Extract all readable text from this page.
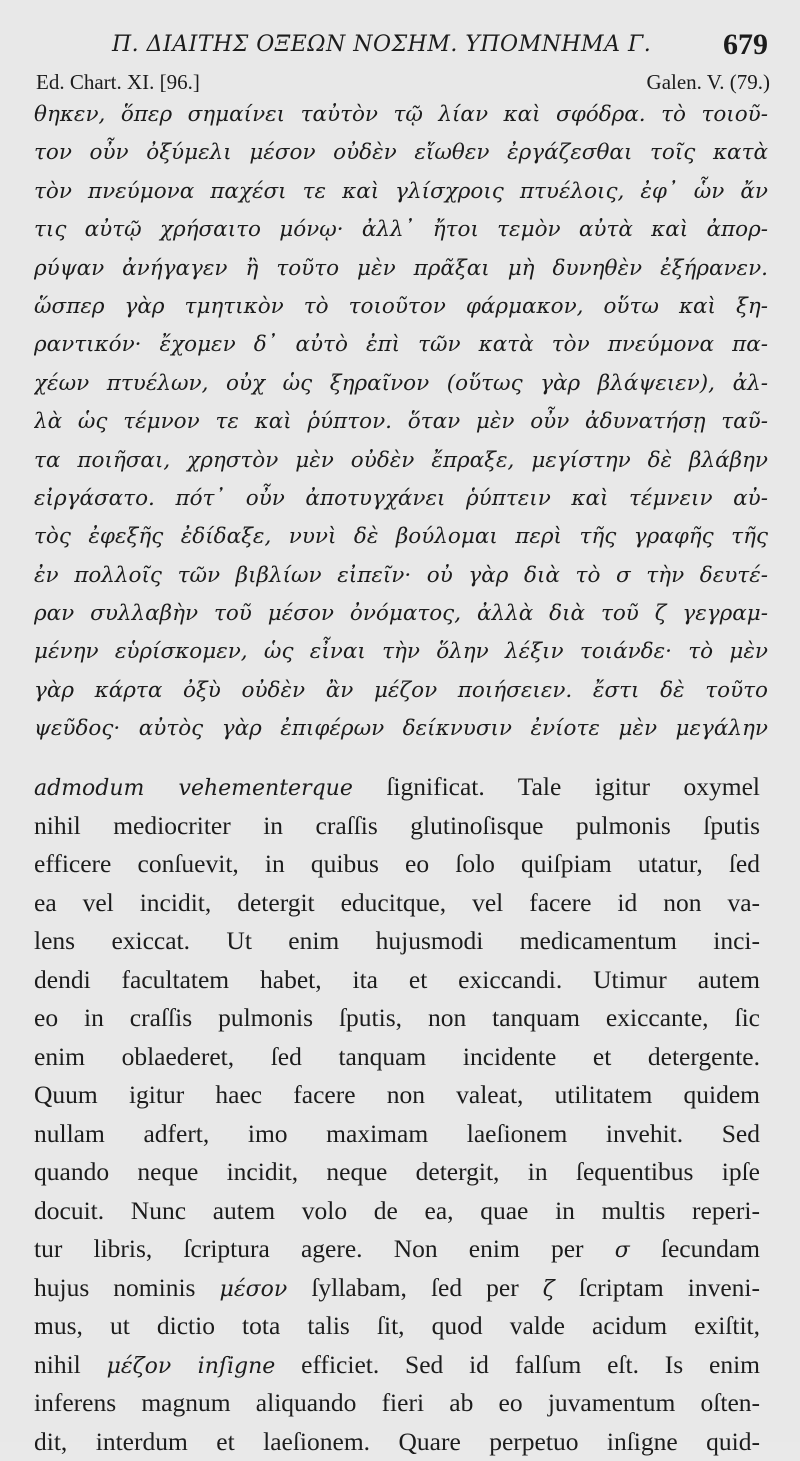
Π. ΔΙΑΙΤΗΣ ΟΞΕΩΝ ΝΟΣΗΜ. ΥΠΟΜΝΗΜΑ Γ. 679
Ed. Chart. XI. [96.]	Galen. V. (79.)
θηκεν, ὅπερ σημαίνει ταὐτὸν τῷ λίαν καὶ σφόδρα. τὸ τοιοῦ-
τον οὖν ὀξύμελι μέσον οὐδὲν εἴωθεν ἐργάζεσθαι τοῖς κατὰ
τὸν πνεύμονα παχέσι τε καὶ γλίσχροις πτυέλοις, ἐφ᾽ ὧν ἄν
τις αὐτῷ χρήσαιτο μόνῳ· ἀλλ᾽ ἤτοι τεμὸν αὐτὰ καὶ ἀπορ-
ρύψαν ἀνήγαγεν ἢ τοῦτο μὲν πρᾶξαι μὴ δυνηθὲν ἐξήρανεν.
ὥσπερ γὰρ τμητικὸν τὸ τοιοῦτον φάρμακον, οὕτω καὶ ξη-
ραντικόν· ἔχομεν δ᾽ αὐτὸ ἐπὶ τῶν κατὰ τὸν πνεύμονα πα-
χέων πτυέλων, οὐχ ὡς ξηραῖνον (οὕτως γὰρ βλάψειεν), ἀλ-
λὰ ὡς τέμνον τε καὶ ῥύπτον. ὅταν μὲν οὖν ἀδυνατήσῃ ταῦ-
τα ποιῆσαι, χρηστὸν μὲν οὐδὲν ἔπραξε, μεγίστην δὲ βλάβην
εἰργάσατο. πότ᾽ οὖν ἀποτυγχάνει ῥύπτειν καὶ τέμνειν αὐ-
τὸς ἐφεξῆς ἐδίδαξε, νυνὶ δὲ βούλομαι περὶ τῆς γραφῆς τῆς
ἐν πολλοῖς τῶν βιβλίων εἰπεῖν· οὐ γὰρ διὰ τὸ σ τὴν δευτέ-
ραν συλλαβὴν τοῦ μέσον ὀνόματος, ἀλλὰ διὰ τοῦ ζ γεγραμ-
μένην εὑρίσκομεν, ὡς εἶναι τὴν ὅλην λέξιν τοιάνδε· τὸ μὲν
γὰρ κάρτα ὀξὺ οὐδὲν ἂν μέζον ποιήσειεν. ἔστι δὲ τοῦτο
ψεῦδος· αὐτὸς γὰρ ἐπιφέρων δείκνυσιν ἐνίοτε μὲν μεγάλην
admodum vehementerque ſignificat. Tale igitur oxymel
nihil mediocriter in craſſis glutinoſisque pulmonis ſputis
efficere conſuevit, in quibus eo ſolo quiſpiam utatur, ſed
ea vel incidit, detergit educitque, vel facere id non va-
lens exiccat. Ut enim hujusmodi medicamentum inci-
dendi facultatem habet, ita et exiccandi. Utimur autem
eo in craſſis pulmonis ſputis, non tanquam exiccante, ſic
enim oblaederet, ſed tanquam incidente et detergente.
Quum igitur haec facere non valeat, utilitatem quidem
nullam adfert, imo maximam laeſionem invehit. Sed
quando neque incidit, neque detergit, in ſequentibus ipſe
docuit. Nunc autem volo de ea, quae in multis reperi-
tur libris, ſcriptura agere. Non enim per σ ſecundam
hujus nominis μέσον ſyllabam, ſed per ζ ſcriptam inveni-
mus, ut dictio tota talis ſit, quod valde acidum exiſtit,
nihil μέζον inſigne efficiet. Sed id falſum eſt. Is enim
inferens magnum aliquando fieri ab eo juvamentum oſten-
dit, interdum et laeſionem. Quare perpetuo inſigne quid-
